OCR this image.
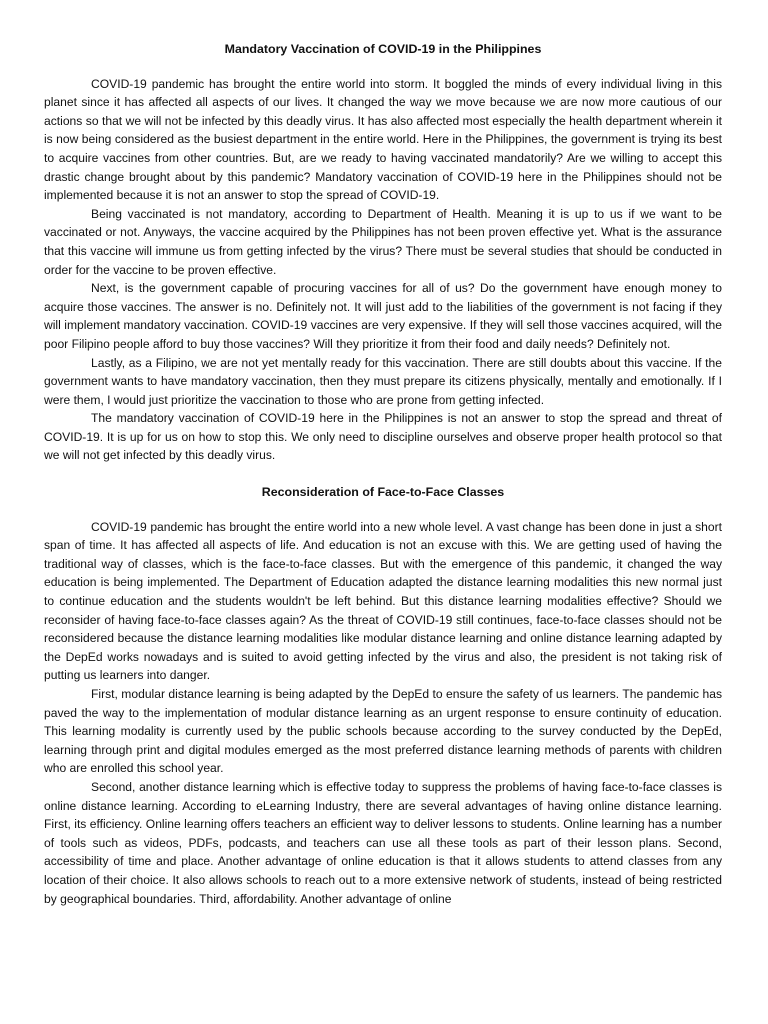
Mandatory Vaccination of COVID-19 in the Philippines

COVID-19 pandemic has brought the entire world into storm. It boggled the minds of every individual living in this planet since it has affected all aspects of our lives. It changed the way we move because we are now more cautious of our actions so that we will not be infected by this deadly virus. It has also affected most especially the health department wherein it is now being considered as the busiest department in the entire world. Here in the Philippines, the government is trying its best to acquire vaccines from other countries. But, are we ready to having vaccinated mandatorily? Are we willing to accept this drastic change brought about by this pandemic? Mandatory vaccination of COVID-19 here in the Philippines should not be implemented because it is not an answer to stop the spread of COVID-19.

Being vaccinated is not mandatory, according to Department of Health. Meaning it is up to us if we want to be vaccinated or not. Anyways, the vaccine acquired by the Philippines has not been proven effective yet. What is the assurance that this vaccine will immune us from getting infected by the virus? There must be several studies that should be conducted in order for the vaccine to be proven effective.

Next, is the government capable of procuring vaccines for all of us? Do the government have enough money to acquire those vaccines. The answer is no. Definitely not. It will just add to the liabilities of the government is not facing if they will implement mandatory vaccination. COVID-19 vaccines are very expensive. If they will sell those vaccines acquired, will the poor Filipino people afford to buy those vaccines? Will they prioritize it from their food and daily needs? Definitely not.

Lastly, as a Filipino, we are not yet mentally ready for this vaccination. There are still doubts about this vaccine. If the government wants to have mandatory vaccination, then they must prepare its citizens physically, mentally and emotionally. If I were them, I would just prioritize the vaccination to those who are prone from getting infected.

The mandatory vaccination of COVID-19 here in the Philippines is not an answer to stop the spread and threat of COVID-19. It is up for us on how to stop this. We only need to discipline ourselves and observe proper health protocol so that we will not get infected by this deadly virus.

Reconsideration of Face-to-Face Classes

COVID-19 pandemic has brought the entire world into a new whole level. A vast change has been done in just a short span of time. It has affected all aspects of life. And education is not an excuse with this. We are getting used of having the traditional way of classes, which is the face-to-face classes. But with the emergence of this pandemic, it changed the way education is being implemented. The Department of Education adapted the distance learning modalities this new normal just to continue education and the students wouldn't be left behind. But this distance learning modalities effective? Should we reconsider of having face-to-face classes again? As the threat of COVID-19 still continues, face-to-face classes should not be reconsidered because the distance learning modalities like modular distance learning and online distance learning adapted by the DepEd works nowadays and is suited to avoid getting infected by the virus and also, the president is not taking risk of putting us learners into danger.

First, modular distance learning is being adapted by the DepEd to ensure the safety of us learners. The pandemic has paved the way to the implementation of modular distance learning as an urgent response to ensure continuity of education. This learning modality is currently used by the public schools because according to the survey conducted by the DepEd, learning through print and digital modules emerged as the most preferred distance learning methods of parents with children who are enrolled this school year.

Second, another distance learning which is effective today to suppress the problems of having face-to-face classes is online distance learning. According to eLearning Industry, there are several advantages of having online distance learning. First, its efficiency. Online learning offers teachers an efficient way to deliver lessons to students. Online learning has a number of tools such as videos, PDFs, podcasts, and teachers can use all these tools as part of their lesson plans. Second, accessibility of time and place. Another advantage of online education is that it allows students to attend classes from any location of their choice. It also allows schools to reach out to a more extensive network of students, instead of being restricted by geographical boundaries. Third, affordability. Another advantage of online
